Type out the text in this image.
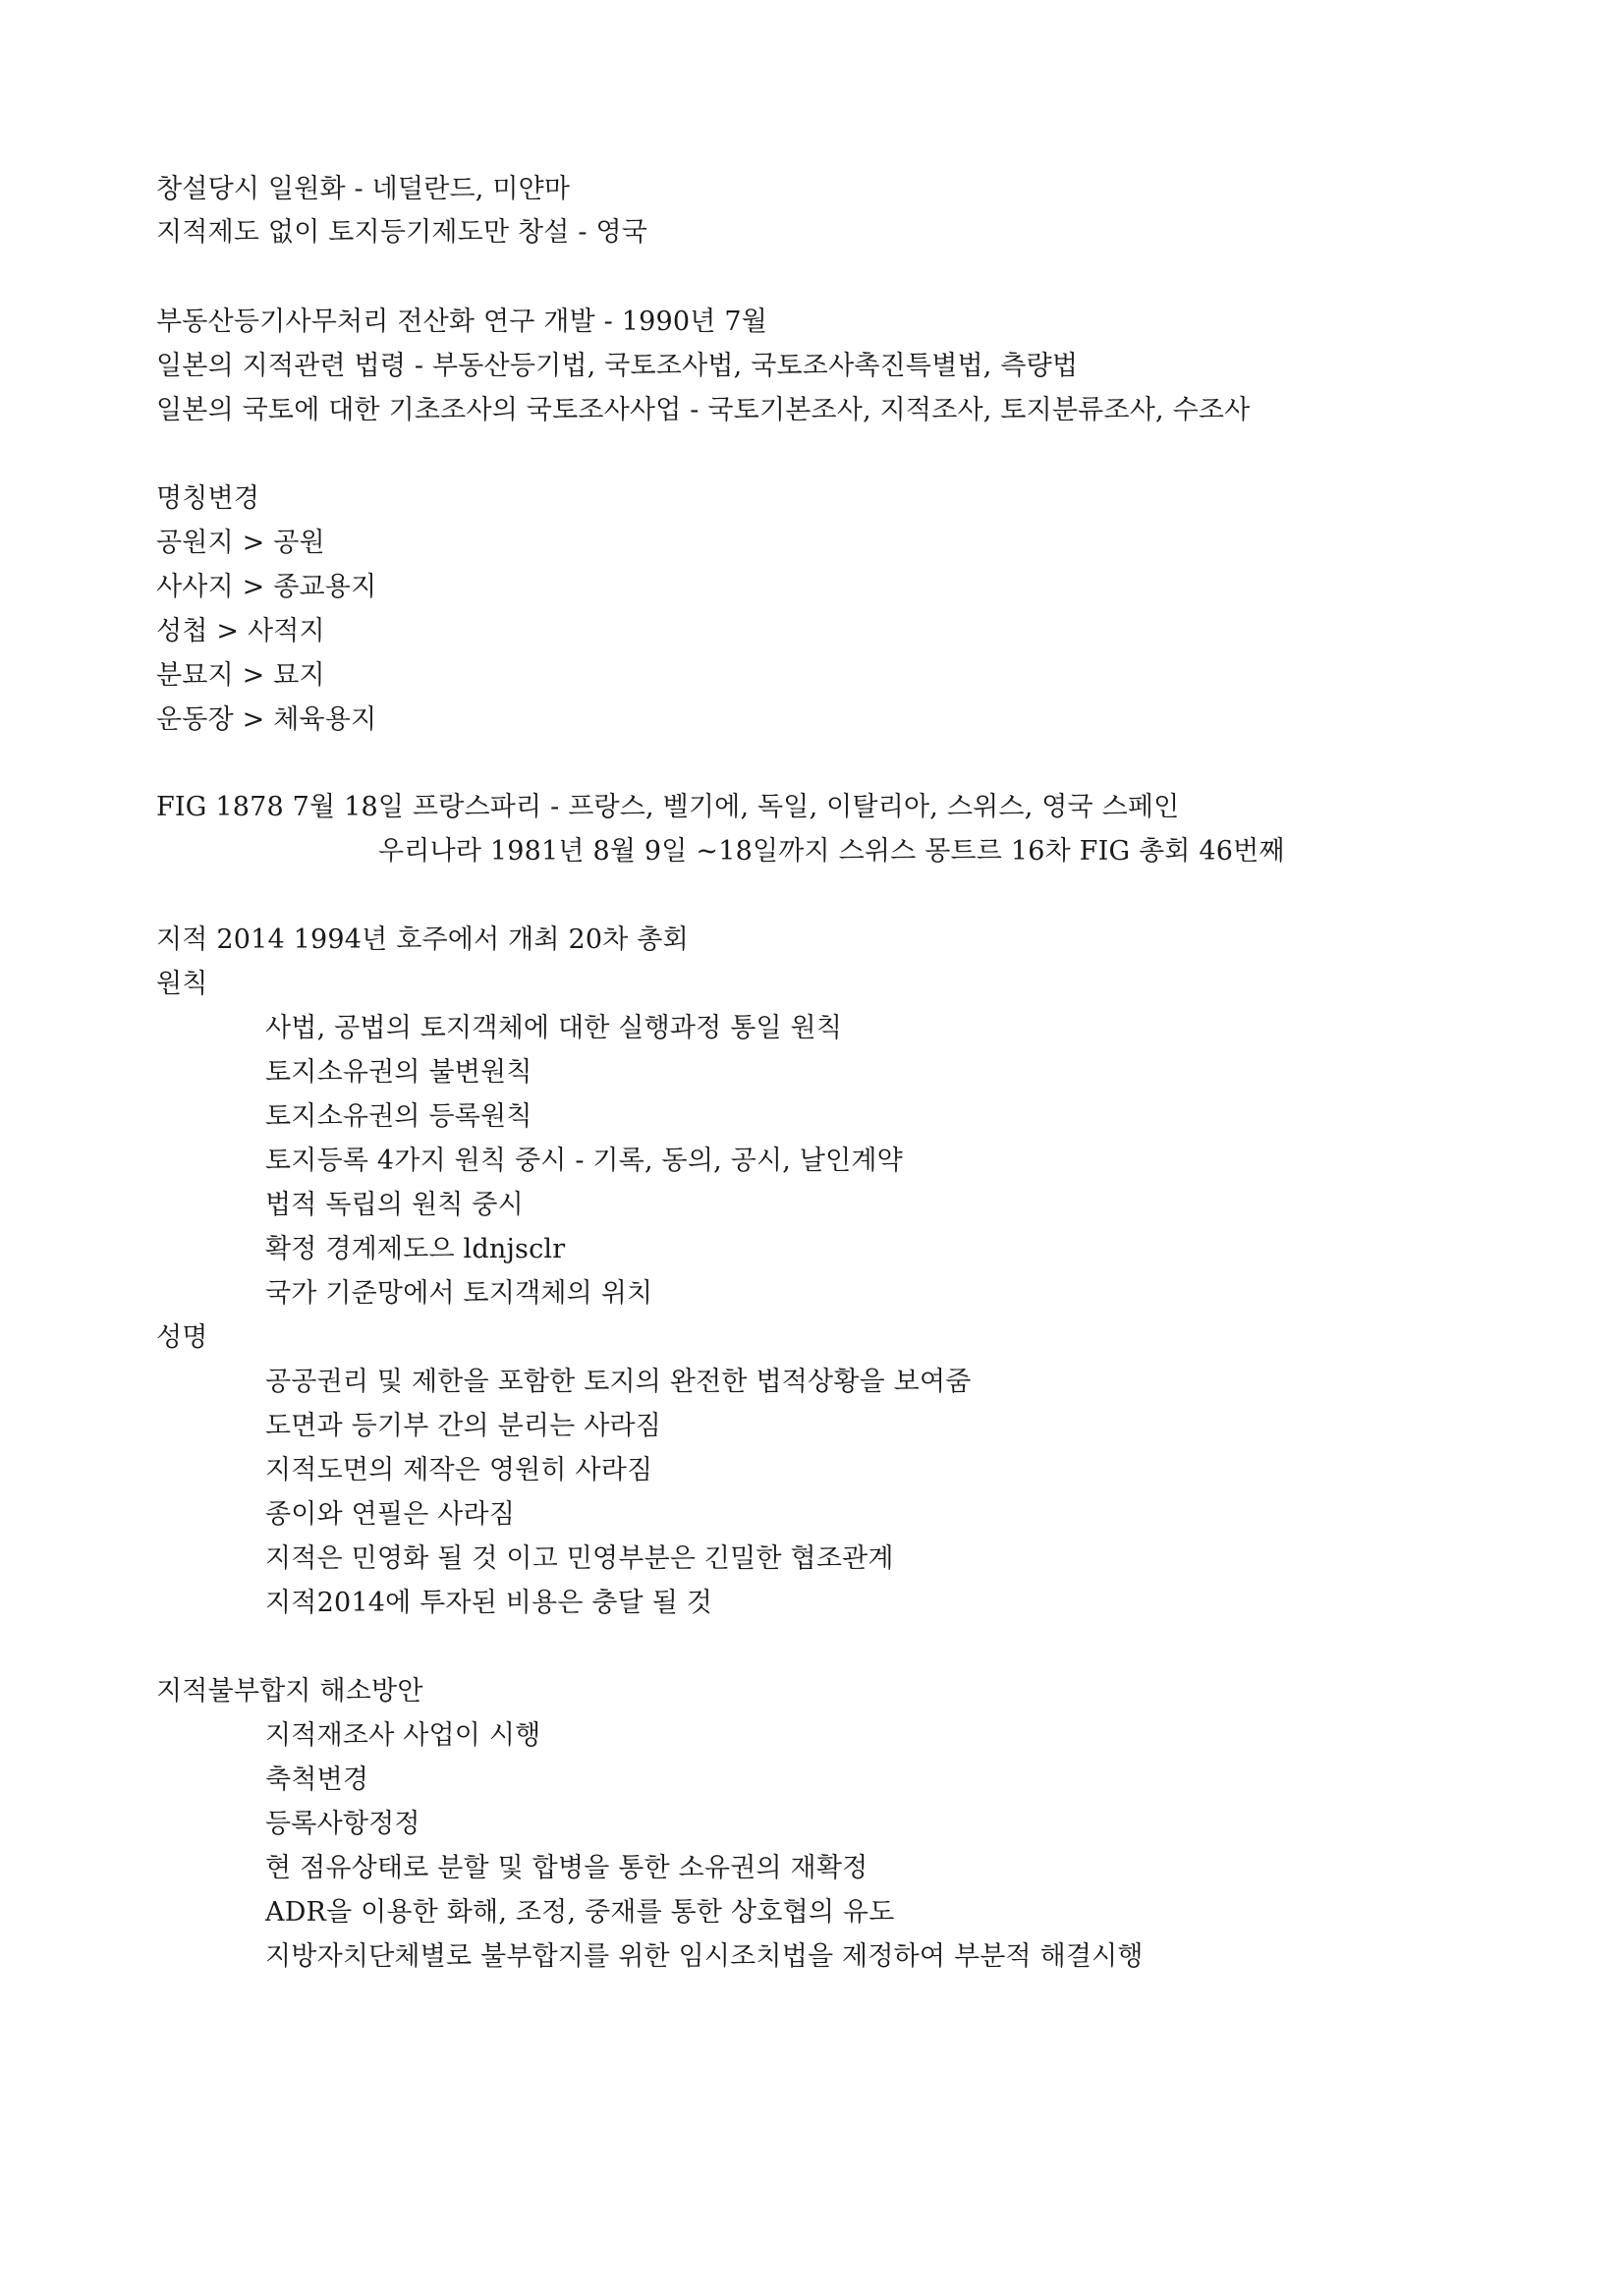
창설당시 일원화 - 네덜란드, 미얀마
지적제도 없이 토지등기제도만 창설 - 영국
부동산등기사무처리 전산화 연구 개발 - 1990년 7월
일본의 지적관련 법령 - 부동산등기법, 국토조사법, 국토조사촉진특별법, 측량법
일본의 국토에 대한 기초조사의 국토조사사업 - 국토기본조사, 지적조사, 토지분류조사, 수조사
명칭변경
공원지 > 공원
사사지 > 종교용지
성첩 > 사적지
분묘지 > 묘지
운동장 > 체육용지
FIG 1878 7월 18일 프랑스파리 - 프랑스, 벨기에, 독일, 이탈리아, 스위스, 영국 스페인
우리나라 1981년 8월 9일 ~18일까지 스위스 몽트르 16차 FIG 총회 46번째
지적 2014 1994년 호주에서 개최 20차 총회
원칙
사법, 공법의 토지객체에 대한 실행과정 통일 원칙
토지소유권의 불변원칙
토지소유권의 등록원칙
토지등록 4가지 원칙 중시 - 기록, 동의, 공시, 날인계약
법적 독립의 원칙 중시
확정 경계제도으 ldnjsclr
국가 기준망에서 토지객체의 위치
성명
공공권리 및 제한을 포함한 토지의 완전한 법적상황을 보여줌
도면과 등기부 간의 분리는 사라짐
지적도면의 제작은 영원히 사라짐
종이와 연필은 사라짐
지적은 민영화 될 것 이고 민영부분은 긴밀한 협조관계
지적2014에 투자된 비용은 충달 될 것
지적불부합지 해소방안
지적재조사 사업이 시행
축척변경
등록사항정정
현 점유상태로 분할 및 합병을 통한 소유권의 재확정
ADR을 이용한 화해, 조정, 중재를 통한 상호협의 유도
지방자치단체별로 불부합지를 위한 임시조치법을 제정하여 부분적 해결시행
